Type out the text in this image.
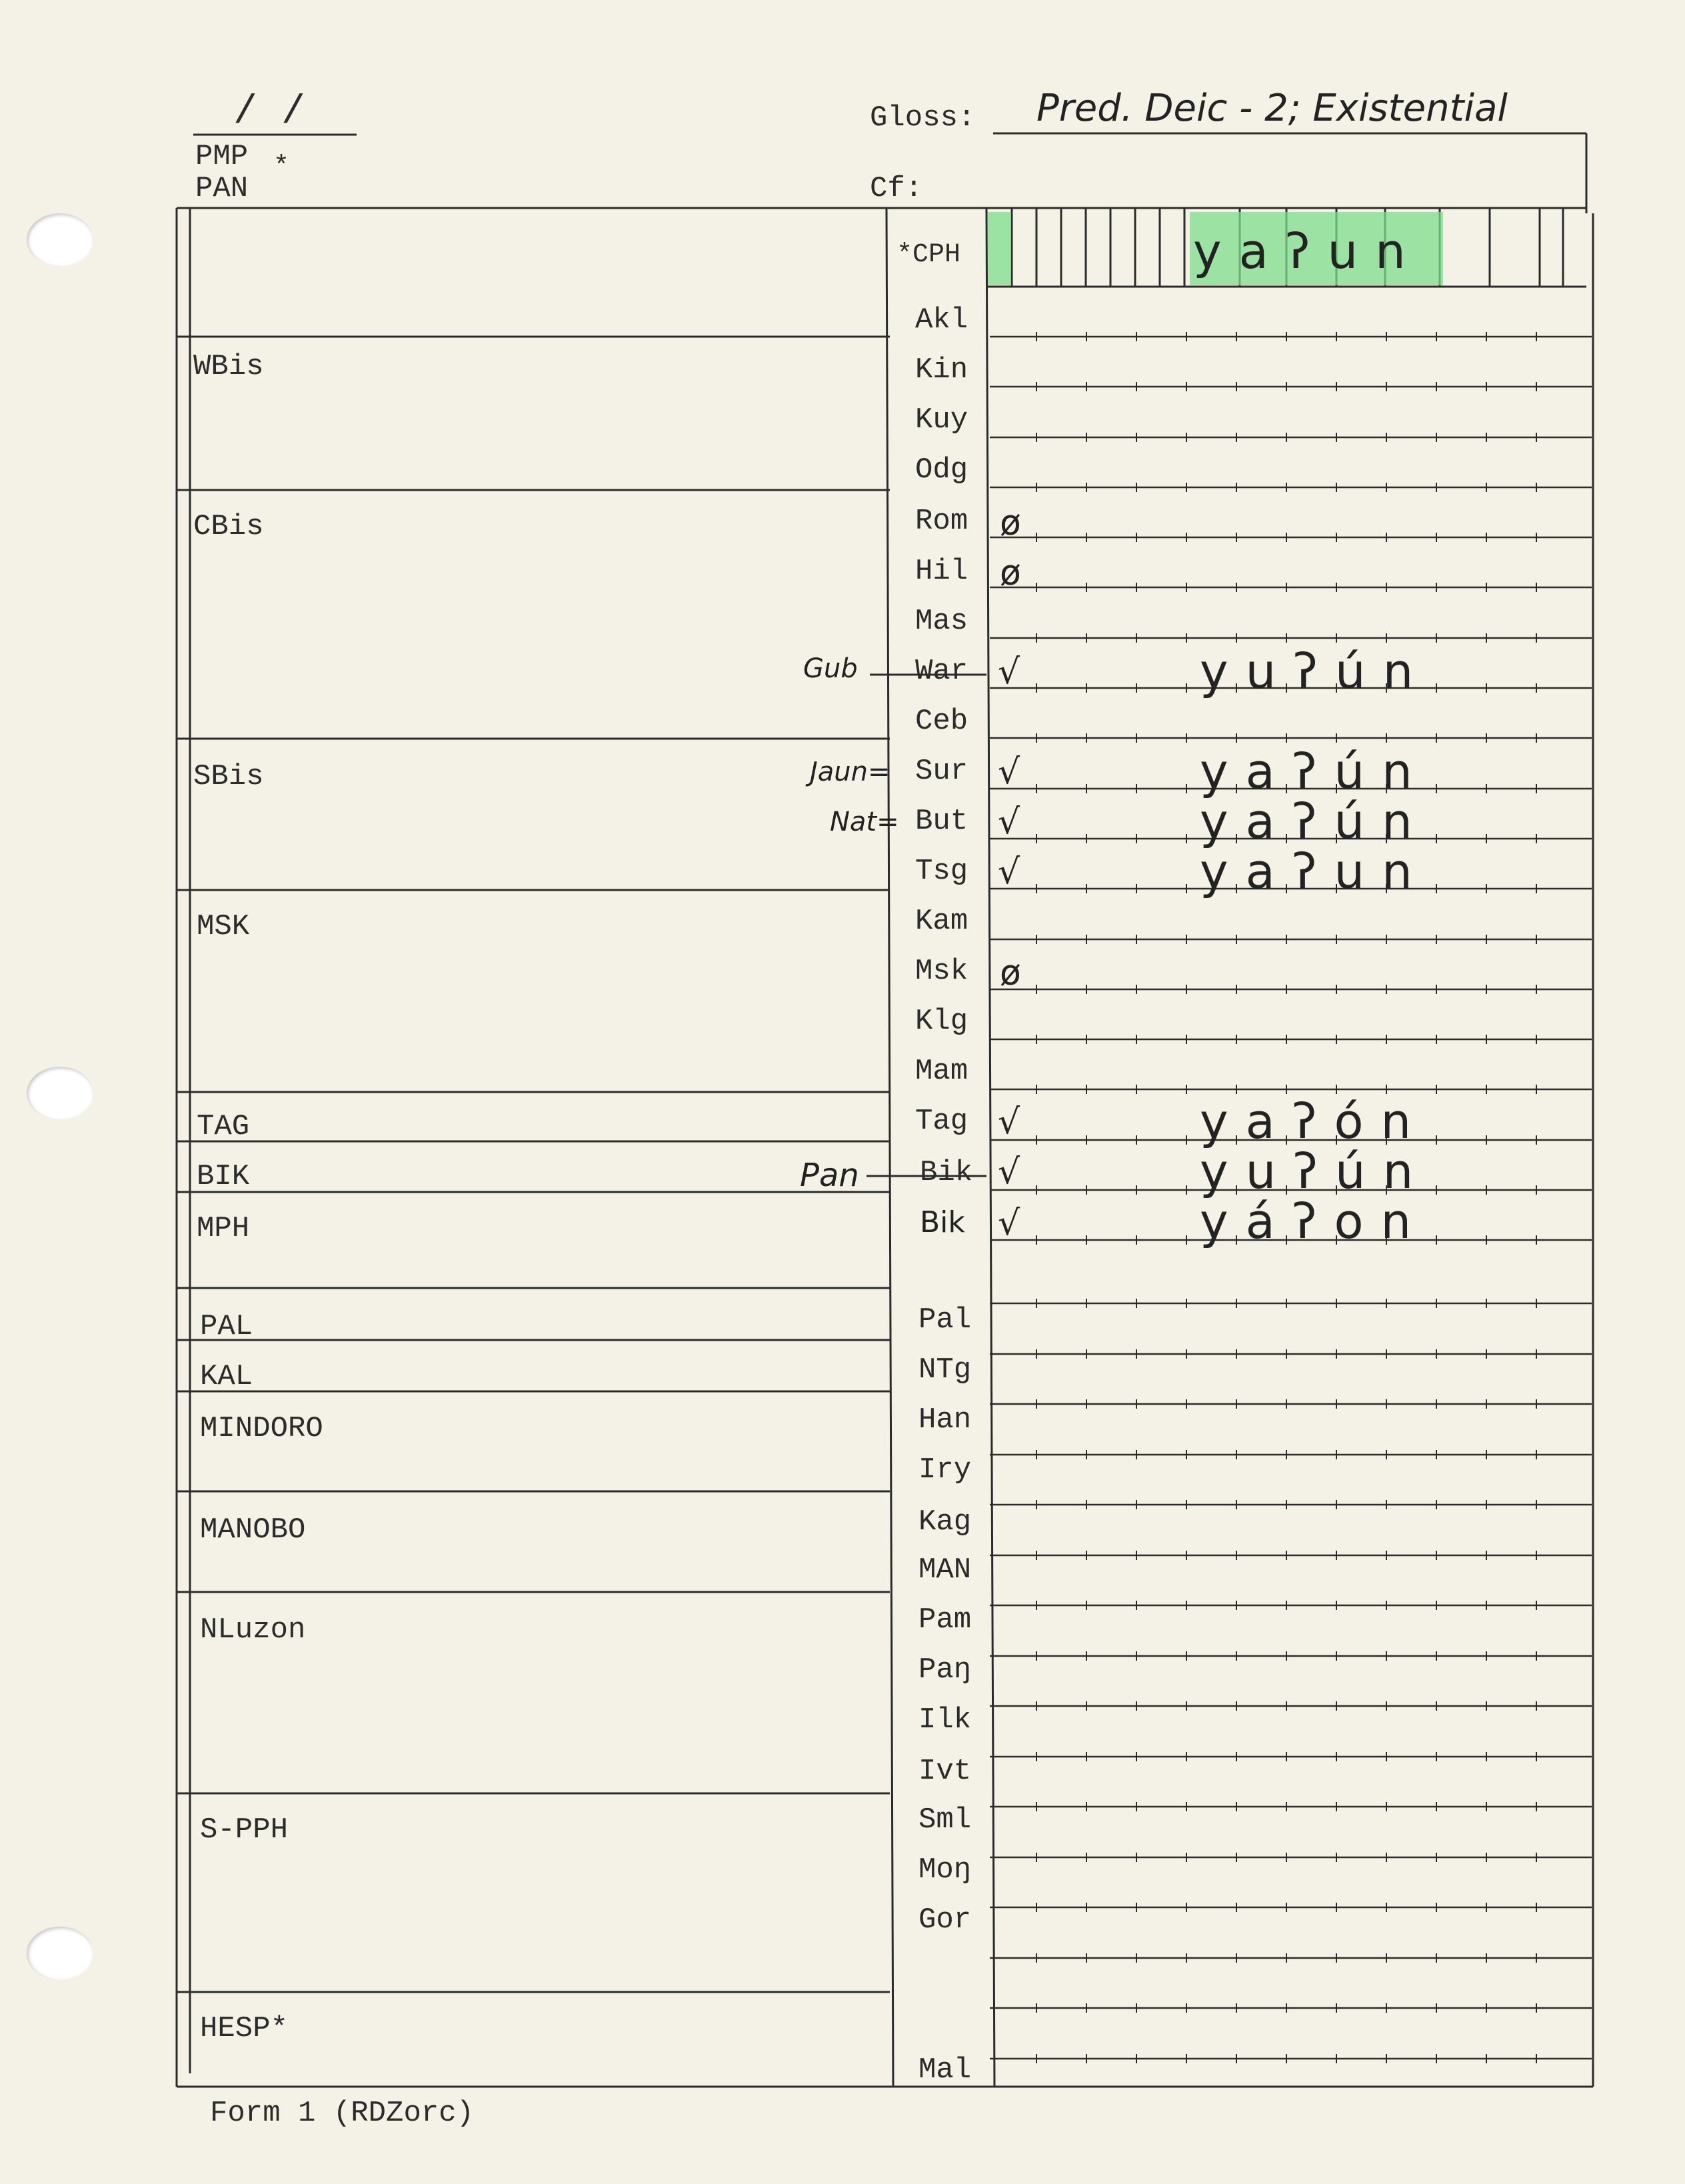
/ /
PMP
PAN
*
Gloss: Pred. Deic - 2; Existential
Cf:
WBis
CBis
SBis
MSK
TAG
BIK
MPH
PAL
KAL
MINDORO
MANOBO
NLuzon
S-PPH
HESP*
*CPH
Akl
Kin
Kuy
Odg
Rom
Hil
Mas
War
Ceb
Sur
But
Tsg
Kam
Msk
Klg
Mam
Tag
Bik
Bik
Pal
NTg
Han
Iry
Kag
MAN
Pam
Paŋ
Ilk
Ivt
Sml
Moŋ
Gor
Mal
Gub
Jaun=
Nat=
Pan
ø
ø
√
√
√
√
ø
√
√
√
yaʔun
yuʔún
yaʔún
yaʔún
yaʔun
yaʔón
yuʔún
yáʔon
Form 1 (RDZorc)
